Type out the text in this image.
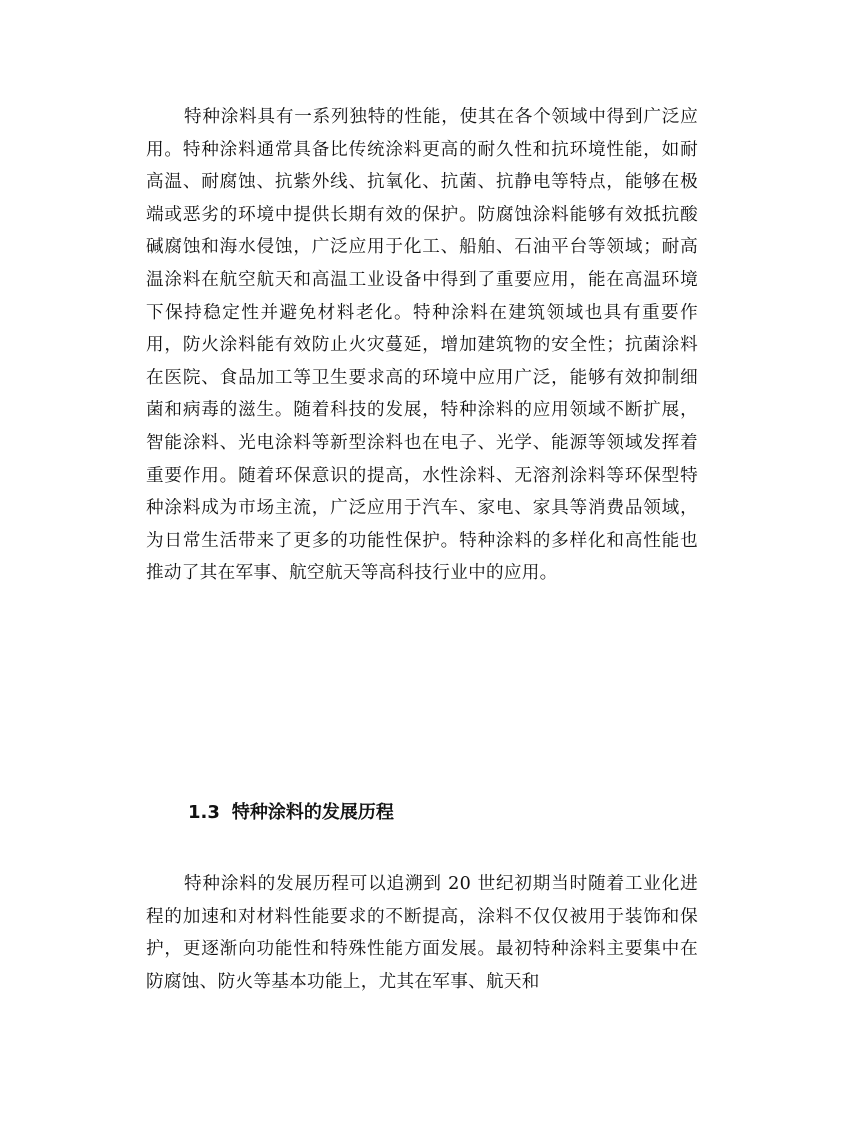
特种涂料具有一系列独特的性能，使其在各个领域中得到广泛应用。特种涂料通常具备比传统涂料更高的耐久性和抗环境性能，如耐高温、耐腐蚀、抗紫外线、抗氧化、抗菌、抗静电等特点，能够在极端或恶劣的环境中提供长期有效的保护。防腐蚀涂料能够有效抵抗酸碱腐蚀和海水侵蚀，广泛应用于化工、船舶、石油平台等领域；耐高温涂料在航空航天和高温工业设备中得到了重要应用，能在高温环境下保持稳定性并避免材料老化。特种涂料在建筑领域也具有重要作用，防火涂料能有效防止火灾蔓延，增加建筑物的安全性；抗菌涂料在医院、食品加工等卫生要求高的环境中应用广泛，能够有效抑制细菌和病毒的滋生。随着科技的发展，特种涂料的应用领域不断扩展，智能涂料、光电涂料等新型涂料也在电子、光学、能源等领域发挥着重要作用。随着环保意识的提高，水性涂料、无溶剂涂料等环保型特种涂料成为市场主流，广泛应用于汽车、家电、家具等消费品领域，为日常生活带来了更多的功能性保护。特种涂料的多样化和高性能也推动了其在军事、航空航天等高科技行业中的应用。

1.3 特种涂料的发展历程

特种涂料的发展历程可以追溯到 20 世纪初期当时随着工业化进程的加速和对材料性能要求的不断提高，涂料不仅仅被用于装饰和保护，更逐渐向功能性和特殊性能方面发展。最初特种涂料主要集中在防腐蚀、防火等基本功能上，尤其在军事、航天和
